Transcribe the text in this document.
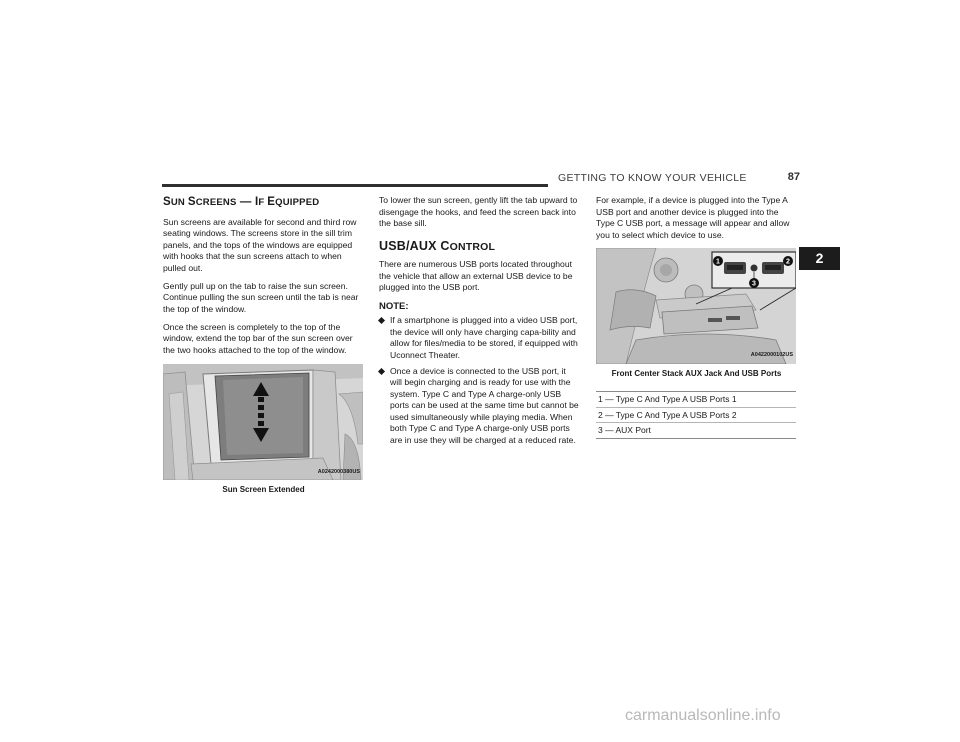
GETTING TO KNOW YOUR VEHICLE	87
2
SUN SCREENS — IF EQUIPPED

Sun screens are available for second and third row seating windows. The screens store in the sill trim panels, and the tops of the windows are equipped with hooks that the sun screens attach to when pulled out.

Gently pull up on the tab to raise the sun screen. Continue pulling the sun screen until the tab is near the top of the window.

Once the screen is completely to the top of the window, extend the top bar of the sun screen over the two hooks attached to the top of the window.

A0242000380US
Sun Screen Extended

To lower the sun screen, gently lift the tab upward to disengage the hooks, and feed the screen back into the base sill.

USB/AUX CONTROL

There are numerous USB ports located throughout the vehicle that allow an external USB device to be plugged into the USB port.

NOTE:
If a smartphone is plugged into a video USB port, the device will only have charging capa-bility and allow for files/media to be stored, if equipped with Uconnect Theater.
Once a device is connected to the USB port, it will begin charging and is ready for use with the system. Type C and Type A charge-only USB ports can be used at the same time but cannot be used simultaneously while playing media. When both Type C and Type A charge-only USB ports are in use they will be charged at a reduced rate.

For example, if a device is plugged into the Type A USB port and another device is plugged into the Type C USB port, a message will appear and allow you to select which device to use.

1	2
3
A0422000102US
Front Center Stack AUX Jack And USB Ports
1 — Type C And Type A USB Ports 1
2 — Type C And Type A USB Ports 2
3 — AUX Port
carmanualsonline.info
